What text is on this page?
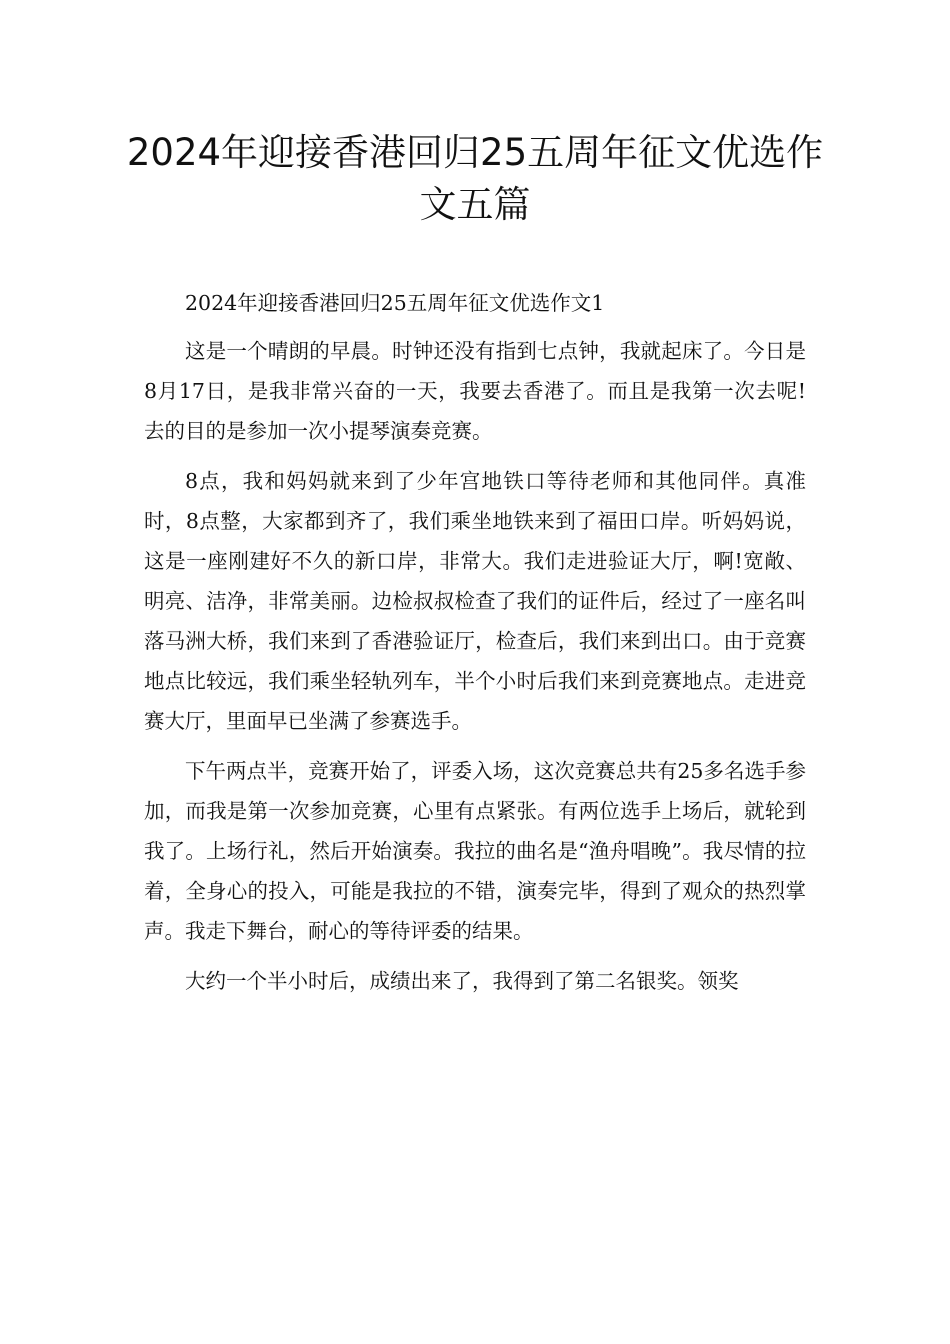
2024年迎接香港回归25五周年征文优选作文五篇

2024年迎接香港回归25五周年征文优选作文1

这是一个晴朗的早晨。时钟还没有指到七点钟，我就起床了。今日是8月17日，是我非常兴奋的一天，我要去香港了。而且是我第一次去呢!去的目的是参加一次小提琴演奏竞赛。

8点，我和妈妈就来到了少年宫地铁口等待老师和其他同伴。真准时，8点整，大家都到齐了，我们乘坐地铁来到了福田口岸。听妈妈说，这是一座刚建好不久的新口岸，非常大。我们走进验证大厅，啊!宽敞、明亮、洁净，非常美丽。边检叔叔检查了我们的证件后，经过了一座名叫落马洲大桥，我们来到了香港验证厅，检查后，我们来到出口。由于竞赛地点比较远，我们乘坐轻轨列车，半个小时后我们来到竞赛地点。走进竞赛大厅，里面早已坐满了参赛选手。

下午两点半，竞赛开始了，评委入场，这次竞赛总共有25多名选手参加，而我是第一次参加竞赛，心里有点紧张。有两位选手上场后，就轮到我了。上场行礼，然后开始演奏。我拉的曲名是“渔舟唱晚”。我尽情的拉着，全身心的投入，可能是我拉的不错，演奏完毕，得到了观众的热烈掌声。我走下舞台，耐心的等待评委的结果。

大约一个半小时后，成绩出来了，我得到了第二名银奖。领奖
